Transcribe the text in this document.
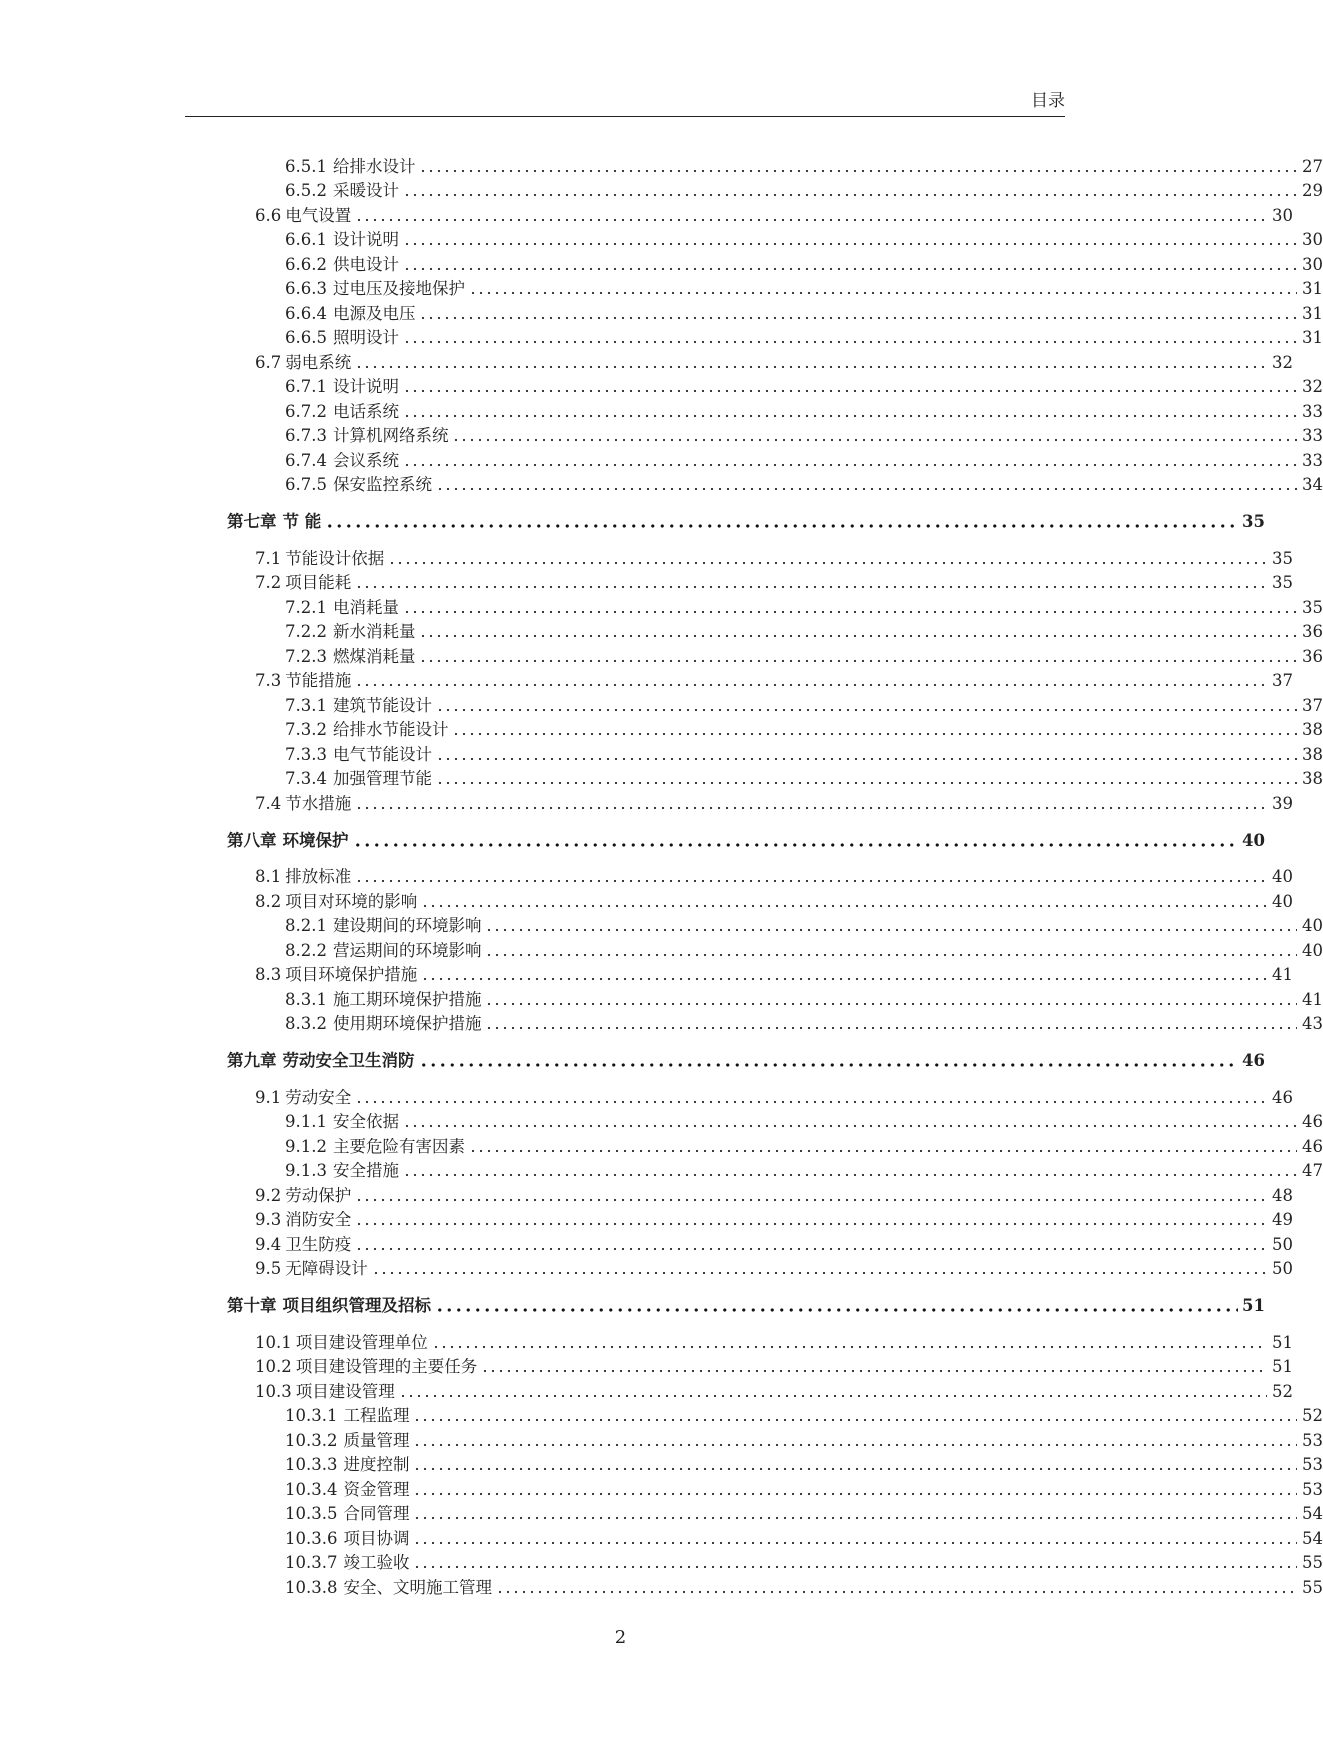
目录
6.5.1 给排水设计	27
6.5.2 采暖设计	29
6.6 电气设置	30
6.6.1 设计说明	30
6.6.2 供电设计	30
6.6.3 过电压及接地保护	31
6.6.4 电源及电压	31
6.6.5 照明设计	31
6.7 弱电系统	32
6.7.1 设计说明	32
6.7.2 电话系统	33
6.7.3 计算机网络系统	33
6.7.4 会议系统	33
6.7.5 保安监控系统	34
第七章 节 能	35
7.1 节能设计依据	35
7.2 项目能耗	35
7.2.1 电消耗量	35
7.2.2 新水消耗量	36
7.2.3 燃煤消耗量	36
7.3 节能措施	37
7.3.1 建筑节能设计	37
7.3.2 给排水节能设计	38
7.3.3 电气节能设计	38
7.3.4 加强管理节能	38
7.4 节水措施	39
第八章 环境保护	40
8.1 排放标准	40
8.2 项目对环境的影响	40
8.2.1 建设期间的环境影响	40
8.2.2 营运期间的环境影响	40
8.3 项目环境保护措施	41
8.3.1 施工期环境保护措施	41
8.3.2 使用期环境保护措施	43
第九章 劳动安全卫生消防	46
9.1 劳动安全	46
9.1.1 安全依据	46
9.1.2 主要危险有害因素	46
9.1.3 安全措施	47
9.2 劳动保护	48
9.3 消防安全	49
9.4 卫生防疫	50
9.5 无障碍设计	50
第十章 项目组织管理及招标	51
10.1 项目建设管理单位	51
10.2 项目建设管理的主要任务	51
10.3 项目建设管理	52
10.3.1 工程监理	52
10.3.2 质量管理	53
10.3.3 进度控制	53
10.3.4 资金管理	53
10.3.5 合同管理	54
10.3.6 项目协调	54
10.3.7 竣工验收	55
10.3.8 安全、文明施工管理	55
2
